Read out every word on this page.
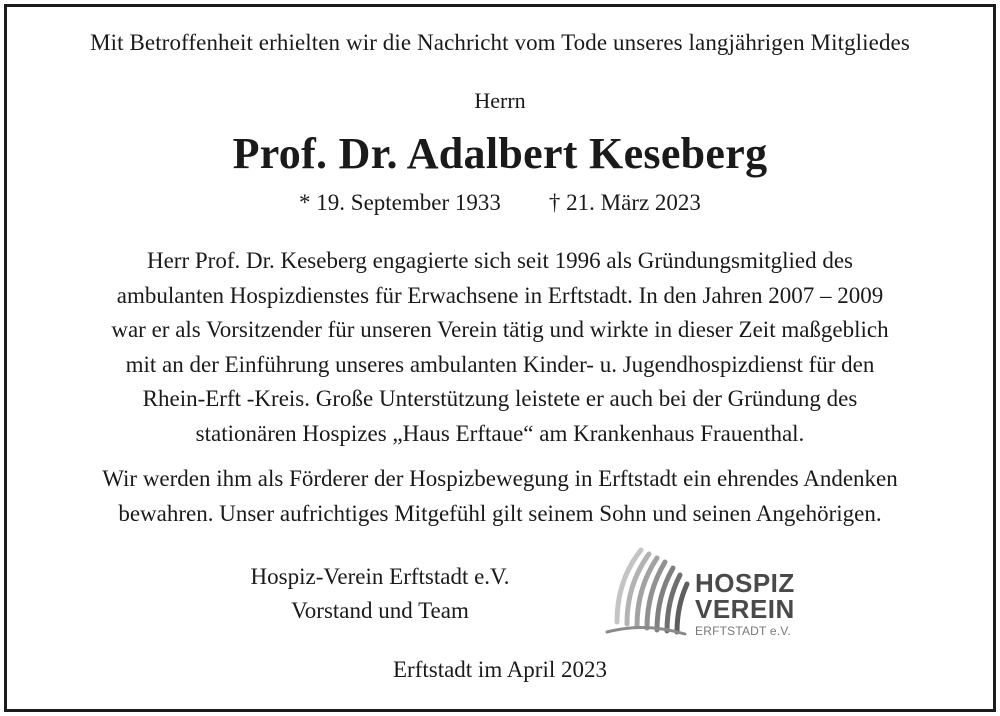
Mit Betroffenheit erhielten wir die Nachricht vom Tode unseres langjährigen Mitgliedes
Herrn
Prof. Dr. Adalbert Keseberg
* 19. September 1933 † 21. März 2023
Herr Prof. Dr. Keseberg engagierte sich seit 1996 als Gründungsmitglied des
ambulanten Hospizdienstes für Erwachsene in Erftstadt. In den Jahren 2007 – 2009
war er als Vorsitzender für unseren Verein tätig und wirkte in dieser Zeit maßgeblich
mit an der Einführung unseres ambulanten Kinder- u. Jugendhospizdienst für den
Rhein-Erft -Kreis. Große Unterstützung leistete er auch bei der Gründung des
stationären Hospizes „Haus Erftaue“ am Krankenhaus Frauenthal.
Wir werden ihm als Förderer der Hospizbewegung in Erftstadt ein ehrendes Andenken
bewahren. Unser aufrichtiges Mitgefühl gilt seinem Sohn und seinen Angehörigen.
Hospiz-Verein Erftstadt e.V.
Vorstand und Team
HOSPIZ
VEREIN
ERFTSTADT e.V.
Erftstadt im April 2023
